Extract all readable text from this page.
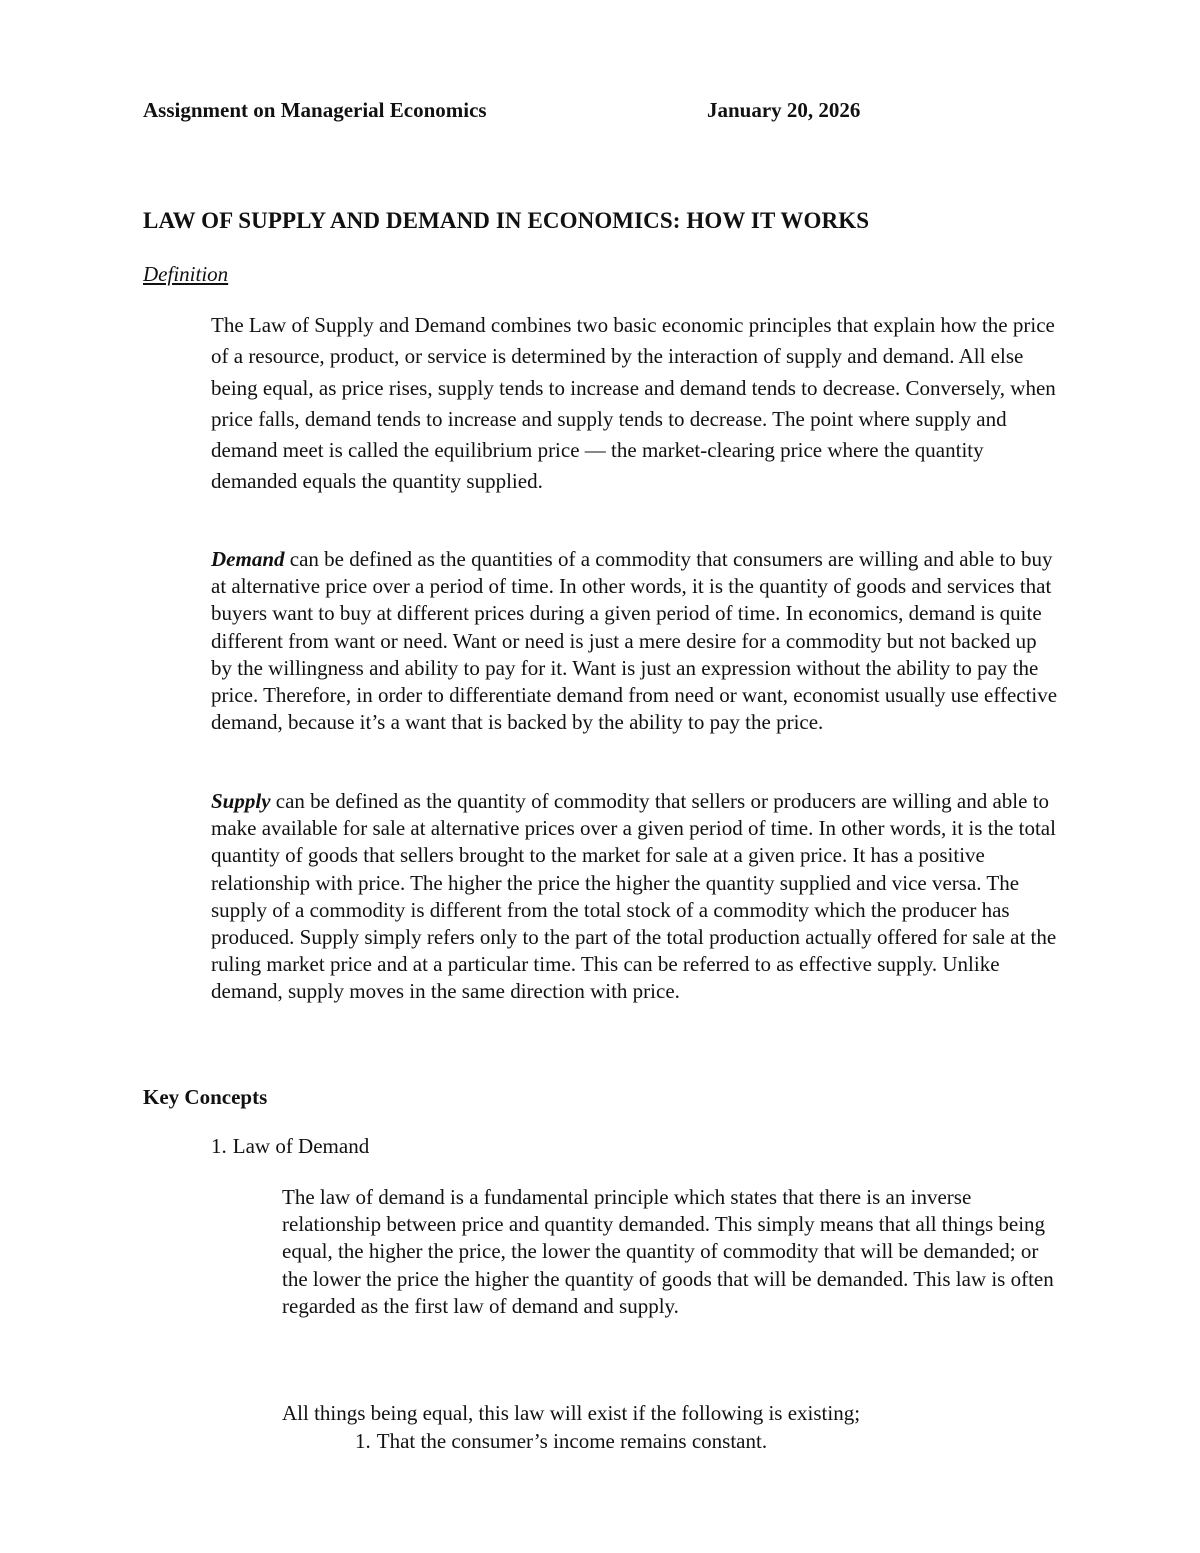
Assignment on Managerial Economics	January 20, 2026
LAW OF SUPPLY AND DEMAND IN ECONOMICS: HOW IT WORKS
Definition

The Law of Supply and Demand combines two basic economic principles that explain how the price of a resource, product, or service is determined by the interaction of supply and demand. All else being equal, as price rises, supply tends to increase and demand tends to decrease. Conversely, when price falls, demand tends to increase and supply tends to decrease. The point where supply and demand meet is called the equilibrium price — the market-clearing price where the quantity demanded equals the quantity supplied.

Demand can be defined as the quantities of a commodity that consumers are willing and able to buy at alternative price over a period of time. In other words, it is the quantity of goods and services that buyers want to buy at different prices during a given period of time. In economics, demand is quite different from want or need. Want or need is just a mere desire for a commodity but not backed up by the willingness and ability to pay for it. Want is just an expression without the ability to pay the price. Therefore, in order to differentiate demand from need or want, economist usually use effective demand, because it’s a want that is backed by the ability to pay the price.

Supply can be defined as the quantity of commodity that sellers or producers are willing and able to make available for sale at alternative prices over a given period of time. In other words, it is the total quantity of goods that sellers brought to the market for sale at a given price. It has a positive relationship with price. The higher the price the higher the quantity supplied and vice versa. The supply of a commodity is different from the total stock of a commodity which the producer has produced. Supply simply refers only to the part of the total production actually offered for sale at the ruling market price and at a particular time. This can be referred to as effective supply. Unlike demand, supply moves in the same direction with price.

Key Concepts
1. Law of Demand

The law of demand is a fundamental principle which states that there is an inverse relationship between price and quantity demanded. This simply means that all things being equal, the higher the price, the lower the quantity of commodity that will be demanded; or the lower the price the higher the quantity of goods that will be demanded. This law is often regarded as the first law of demand and supply.

All things being equal, this law will exist if the following is existing;
1. That the consumer’s income remains constant.
